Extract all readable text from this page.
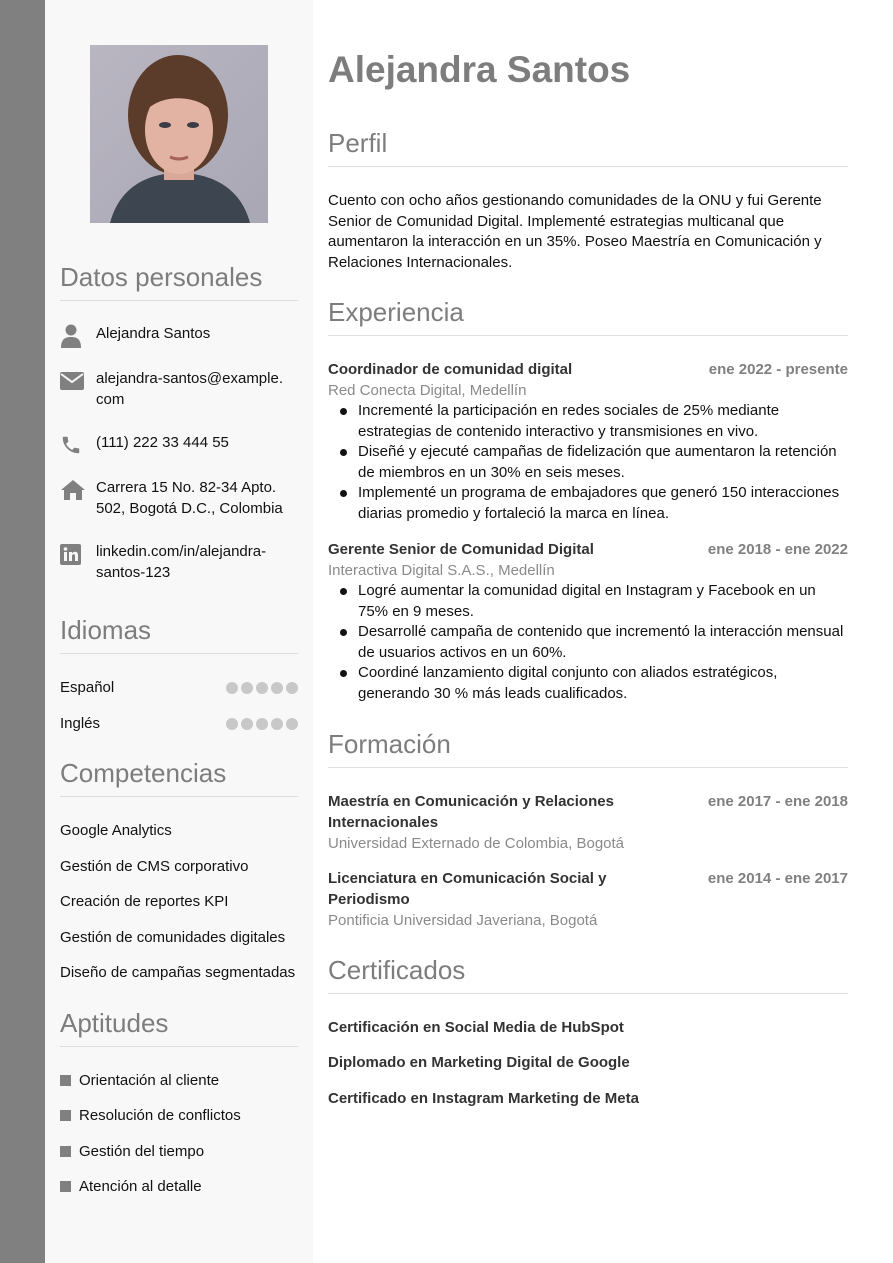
Datos personales
Alejandra Santos
alejandra-santos@example.
com
(111) 222 33 444 55
Carrera 15 No. 82-34 Apto.
502, Bogotá D.C., Colombia
linkedin.com/in/alejandra-
santos-123
Idiomas
Español
Inglés
Competencias
Google Analytics
Gestión de CMS corporativo
Creación de reportes KPI
Gestión de comunidades digitales
Diseño de campañas segmentadas
Aptitudes
Orientación al cliente
Resolución de conflictos
Gestión del tiempo
Atención al detalle
Alejandra Santos
Perfil
Cuento con ocho años gestionando comunidades de la ONU y fui Gerente Senior de Comunidad Digital. Implementé estrategias multicanal que aumentaron la interacción en un 35%. Poseo Maestría en Comunicación y Relaciones Internacionales.
Experiencia
Coordinador de comunidad digital	ene 2022 - presente
Red Conecta Digital, Medellín
Incrementé la participación en redes sociales de 25% mediante estrategias de contenido interactivo y transmisiones en vivo.
Diseñé y ejecuté campañas de fidelización que aumentaron la retención de miembros en un 30% en seis meses.
Implementé un programa de embajadores que generó 150 interacciones diarias promedio y fortaleció la marca en línea.
Gerente Senior de Comunidad Digital	ene 2018 - ene 2022
Interactiva Digital S.A.S., Medellín
Logré aumentar la comunidad digital en Instagram y Facebook en un 75% en 9 meses.
Desarrollé campaña de contenido que incrementó la interacción mensual de usuarios activos en un 60%.
Coordiné lanzamiento digital conjunto con aliados estratégicos, generando 30 % más leads cualificados.
Formación
Maestría en Comunicación y Relaciones Internacionales
ene 2017 - ene 2018
Universidad Externado de Colombia, Bogotá
Licenciatura en Comunicación Social y Periodismo
ene 2014 - ene 2017
Pontificia Universidad Javeriana, Bogotá
Certificados
Certificación en Social Media de HubSpot
Diplomado en Marketing Digital de Google
Certificado en Instagram Marketing de Meta
